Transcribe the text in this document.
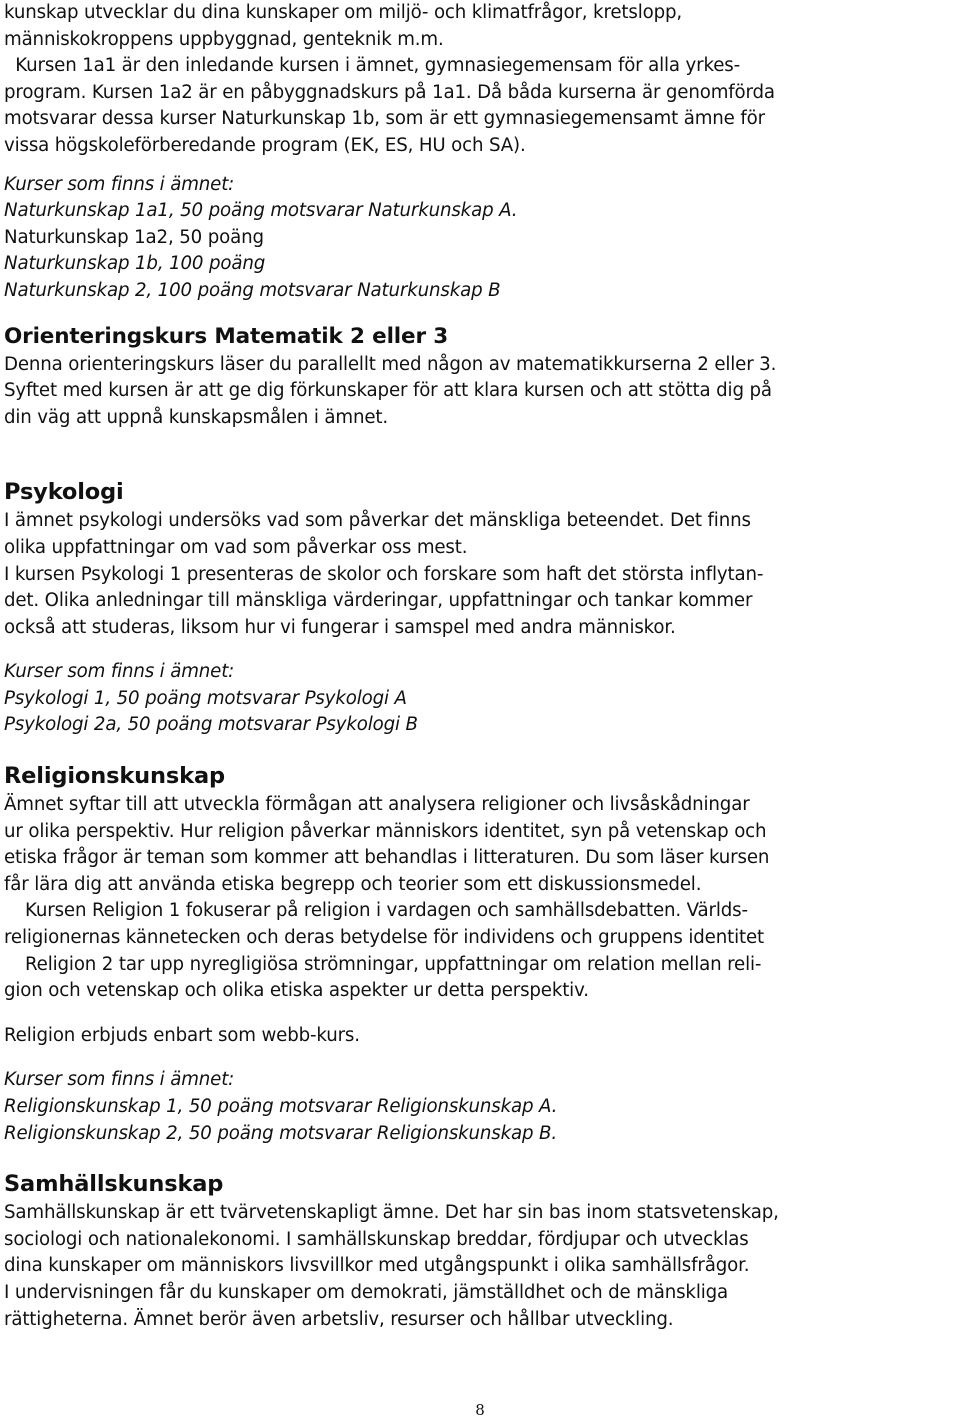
kunskap utvecklar du dina kunskaper om miljö- och klimatfrågor, kretslopp,
människokroppens uppbyggnad, genteknik m.m.
Kursen 1a1 är den inledande kursen i ämnet, gymnasiegemensam för alla yrkes-
program. Kursen 1a2 är en påbyggnadskurs på 1a1. Då båda kurserna är genomförda
motsvarar dessa kurser Naturkunskap 1b, som är ett gymnasiegemensamt ämne för
vissa högskoleförberedande program (EK, ES, HU och SA).
Kurser som finns i ämnet:
Naturkunskap 1a1, 50 poäng motsvarar Naturkunskap A.
Naturkunskap 1a2, 50 poäng
Naturkunskap 1b, 100 poäng
Naturkunskap 2, 100 poäng motsvarar Naturkunskap B
Orienteringskurs Matematik 2 eller 3
Denna orienteringskurs läser du parallellt med någon av matematikkurserna 2 eller 3.
Syftet med kursen är att ge dig förkunskaper för att klara kursen och att stötta dig på
din väg att uppnå kunskapsmålen i ämnet.
Psykologi
I ämnet psykologi undersöks vad som påverkar det mänskliga beteendet. Det finns
olika uppfattningar om vad som påverkar oss mest.
I kursen Psykologi 1 presenteras de skolor och forskare som haft det största inflytan-
det. Olika anledningar till mänskliga värderingar, uppfattningar och tankar kommer
också att studeras, liksom hur vi fungerar i samspel med andra människor.
Kurser som finns i ämnet:
Psykologi 1, 50 poäng motsvarar Psykologi A
Psykologi 2a, 50 poäng motsvarar Psykologi B
Religionskunskap
Ämnet syftar till att utveckla förmågan att analysera religioner och livsåskådningar
ur olika perspektiv. Hur religion påverkar människors identitet, syn på vetenskap och
etiska frågor är teman som kommer att behandlas i litteraturen. Du som läser kursen
får lära dig att använda etiska begrepp och teorier som ett diskussionsmedel.
Kursen Religion 1 fokuserar på religion i vardagen och samhällsdebatten. Världs-
religionernas kännetecken och deras betydelse för individens och gruppens identitet
Religion 2 tar upp nyregligiösa strömningar, uppfattningar om relation mellan reli-
gion och vetenskap och olika etiska aspekter ur detta perspektiv.
Religion erbjuds enbart som webb-kurs.
Kurser som finns i ämnet:
Religionskunskap 1, 50 poäng motsvarar Religionskunskap A.
Religionskunskap 2, 50 poäng motsvarar Religionskunskap B.
Samhällskunskap
Samhällskunskap är ett tvärvetenskapligt ämne. Det har sin bas inom statsvetenskap,
sociologi och nationalekonomi. I samhällskunskap breddar, fördjupar och utvecklas
dina kunskaper om människors livsvillkor med utgångspunkt i olika samhällsfrågor.
I undervisningen får du kunskaper om demokrati, jämställdhet och de mänskliga
rättigheterna. Ämnet berör även arbetsliv, resurser och hållbar utveckling.
8
